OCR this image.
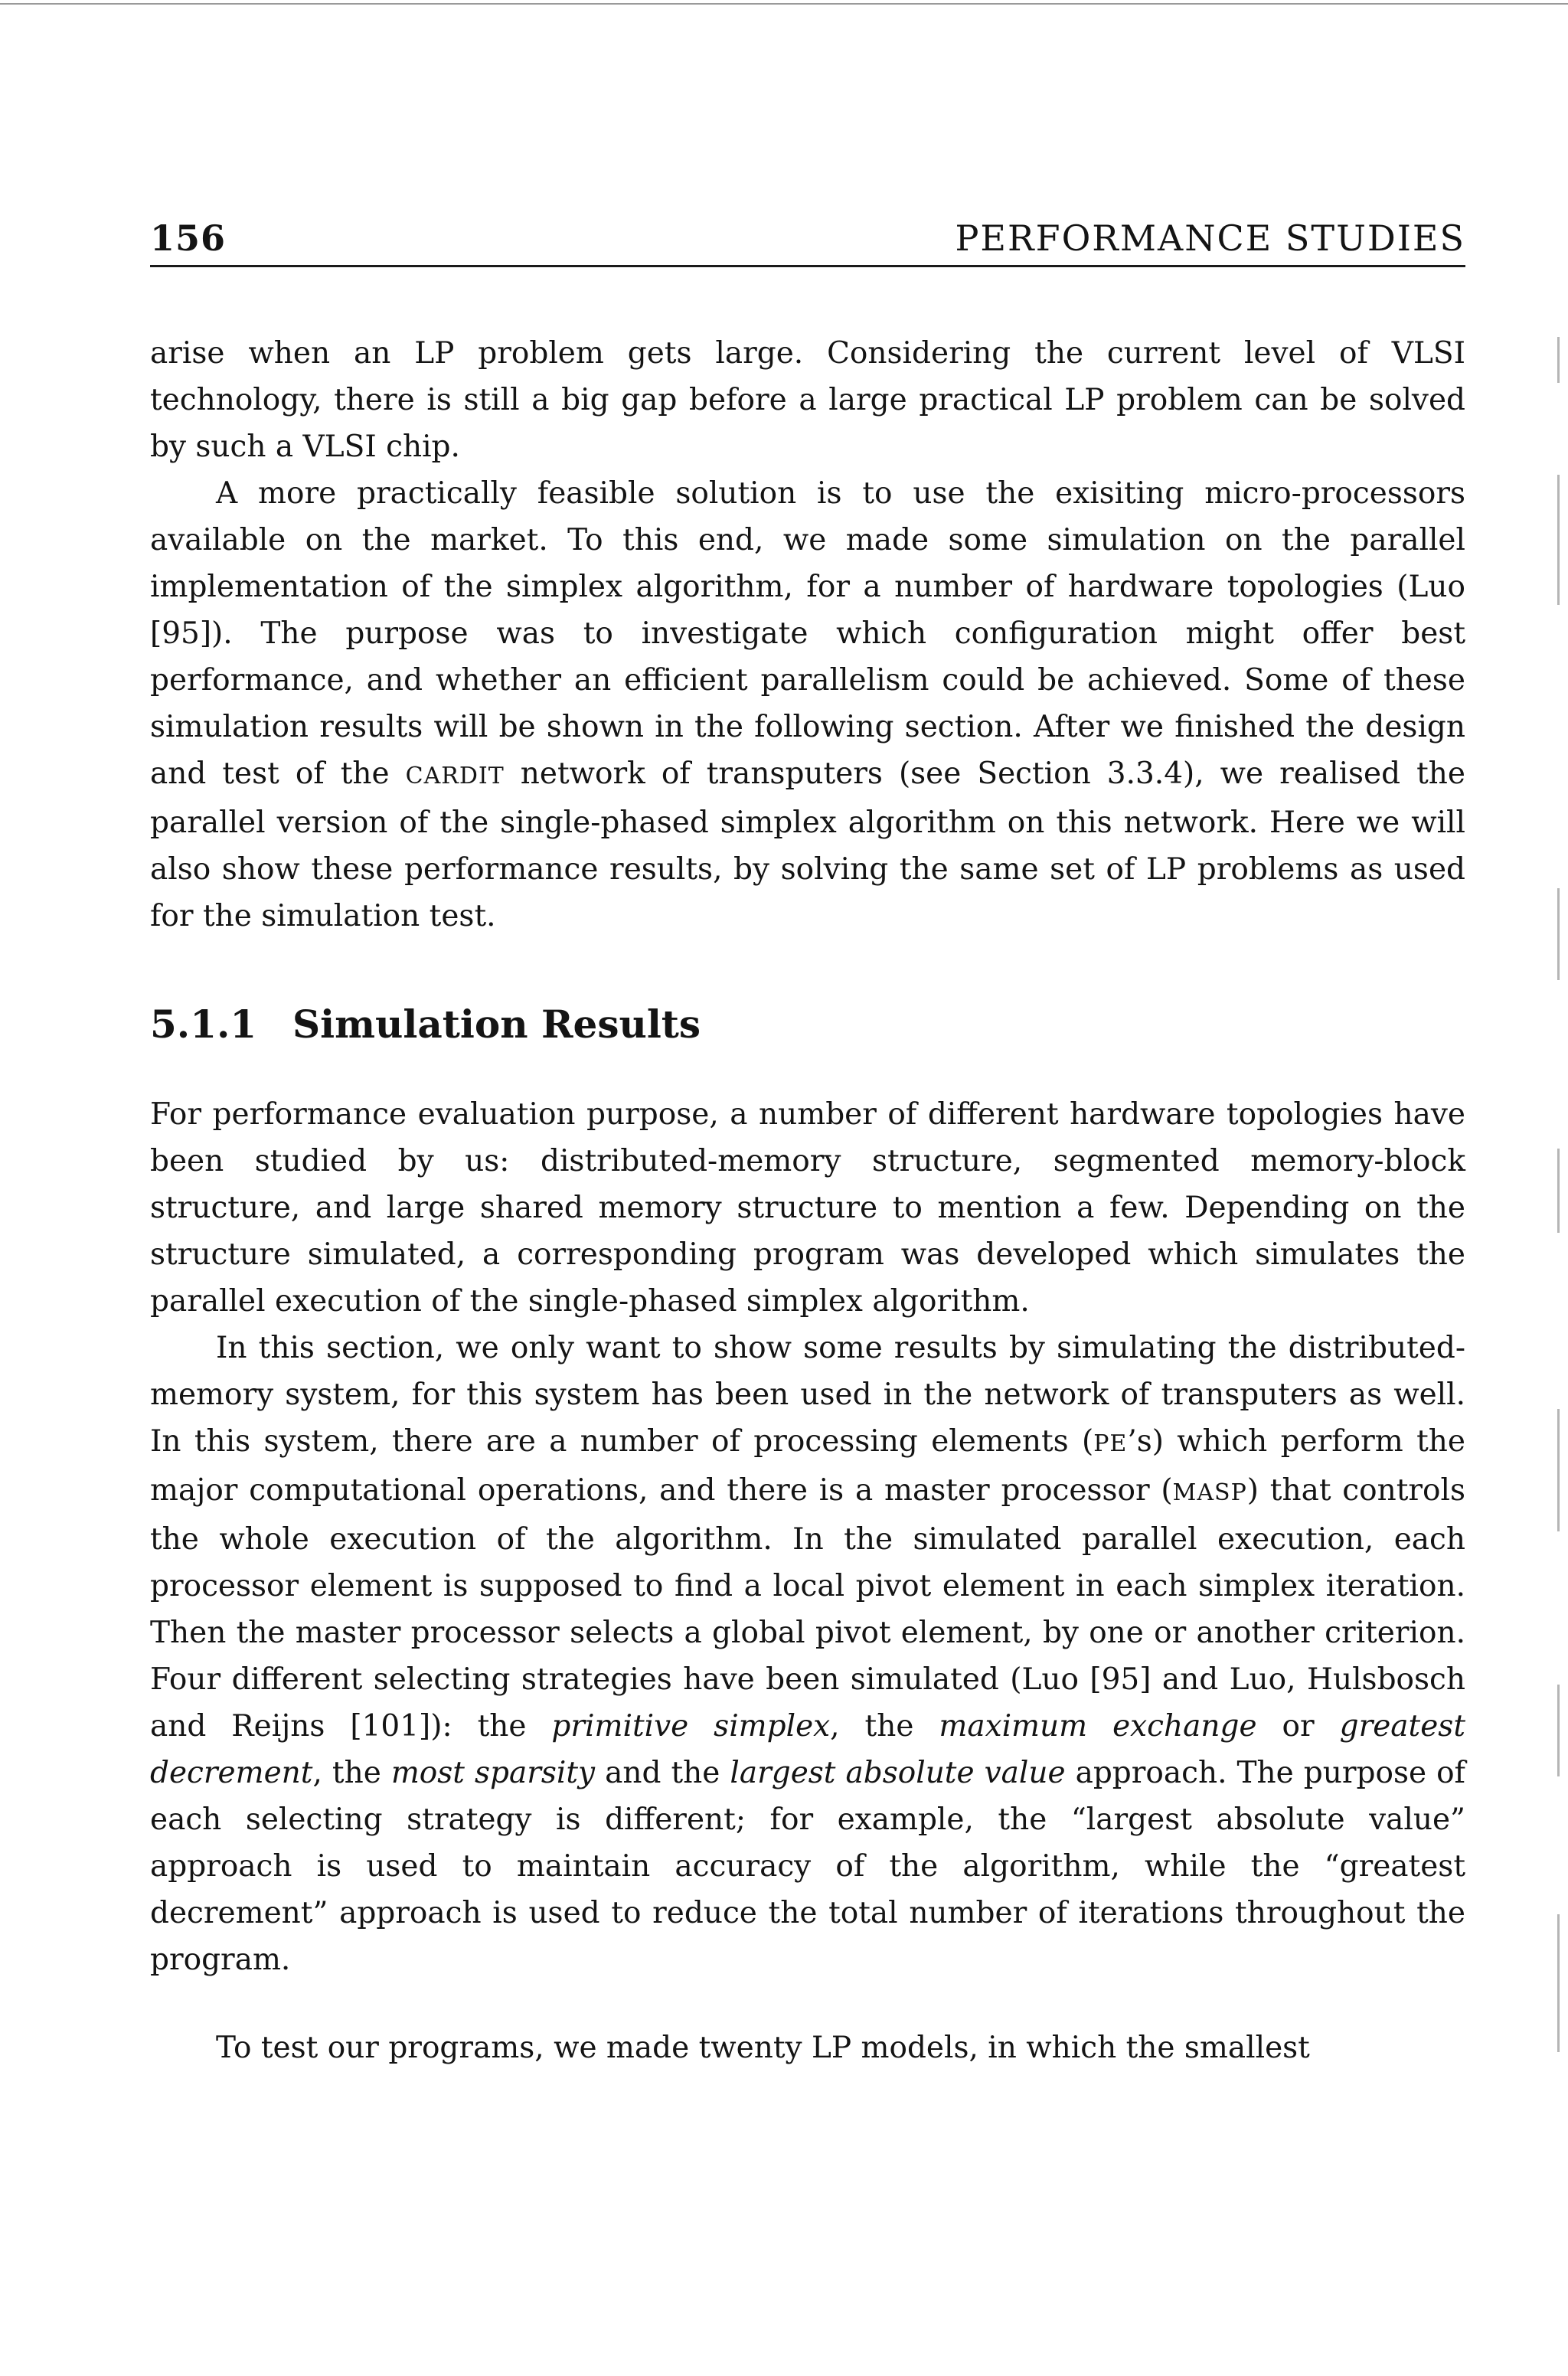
156	PERFORMANCE STUDIES

arise when an LP problem gets large. Considering the current level of VLSI technology, there is still a big gap before a large practical LP problem can be solved by such a VLSI chip.

A more practically feasible solution is to use the exisiting micro-processors available on the market. To this end, we made some simulation on the parallel implementation of the simplex algorithm, for a number of hardware topologies (Luo [95]). The purpose was to investigate which configuration might offer best performance, and whether an efficient parallelism could be achieved. Some of these simulation results will be shown in the following section. After we finished the design and test of the CARDIT network of transputers (see Section 3.3.4), we realised the parallel version of the single-phased simplex algorithm on this network. Here we will also show these performance results, by solving the same set of LP problems as used for the simulation test.

5.1.1 Simulation Results

For performance evaluation purpose, a number of different hardware topologies have been studied by us: distributed-memory structure, segmented memory-block structure, and large shared memory structure to mention a few. Depending on the structure simulated, a corresponding program was developed which simulates the parallel execution of the single-phased simplex algorithm.

In this section, we only want to show some results by simulating the distributed-memory system, for this system has been used in the network of transputers as well. In this system, there are a number of processing elements (PE’s) which perform the major computational operations, and there is a master processor (MASP) that controls the whole execution of the algorithm. In the simulated parallel execution, each processor element is supposed to find a local pivot element in each simplex iteration. Then the master processor selects a global pivot element, by one or another criterion. Four different selecting strategies have been simulated (Luo [95] and Luo, Hulsbosch and Reijns [101]): the primitive simplex, the maximum exchange or greatest decrement, the most sparsity and the largest absolute value approach. The purpose of each selecting strategy is different; for example, the “largest absolute value” approach is used to maintain accuracy of the algorithm, while the “greatest decrement” approach is used to reduce the total number of iterations throughout the program.

To test our programs, we made twenty LP models, in which the smallest
